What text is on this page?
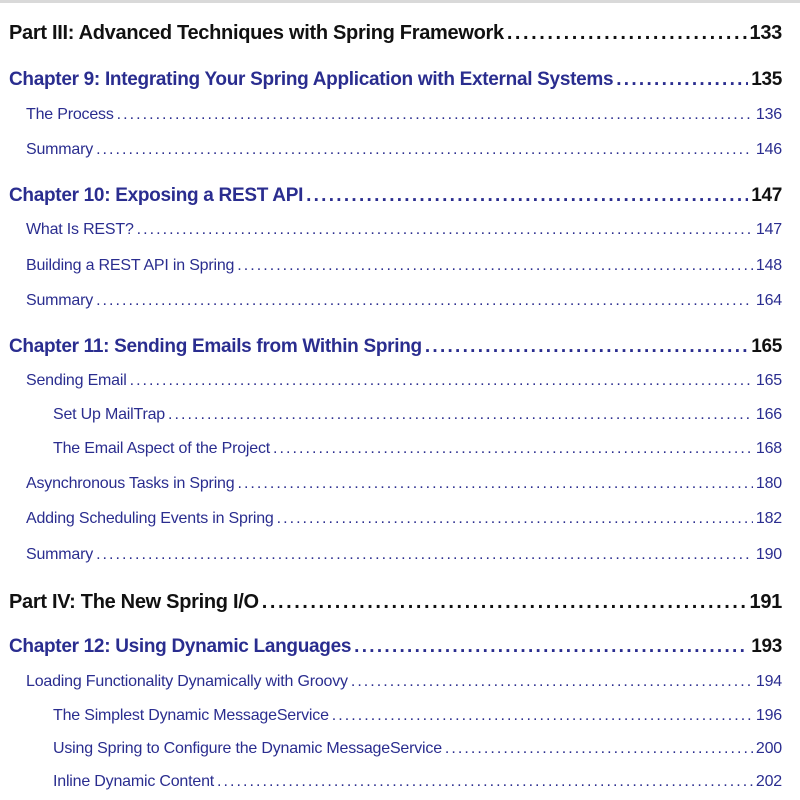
Part III: Advanced Techniques with Spring Framework . . .	133
Chapter 9: Integrating Your Spring Application with External Systems . . .	135
The Process . . .	136
Summary . . .	146
Chapter 10: Exposing a REST API . . .	147
What Is REST? . . .	147
Building a REST API in Spring . . .	148
Summary . . .	164
Chapter 11: Sending Emails from Within Spring . . .	165
Sending Email . . .	165
Set Up MailTrap . . .	166
The Email Aspect of the Project . . .	168
Asynchronous Tasks in Spring . . .	180
Adding Scheduling Events in Spring . . .	182
Summary . . .	190
Part IV: The New Spring I/O . . .	191
Chapter 12: Using Dynamic Languages . . .	193
Loading Functionality Dynamically with Groovy . . .	194
The Simplest Dynamic MessageService . . .	196
Using Spring to Configure the Dynamic MessageService . . .	200
Inline Dynamic Content . . .	202
